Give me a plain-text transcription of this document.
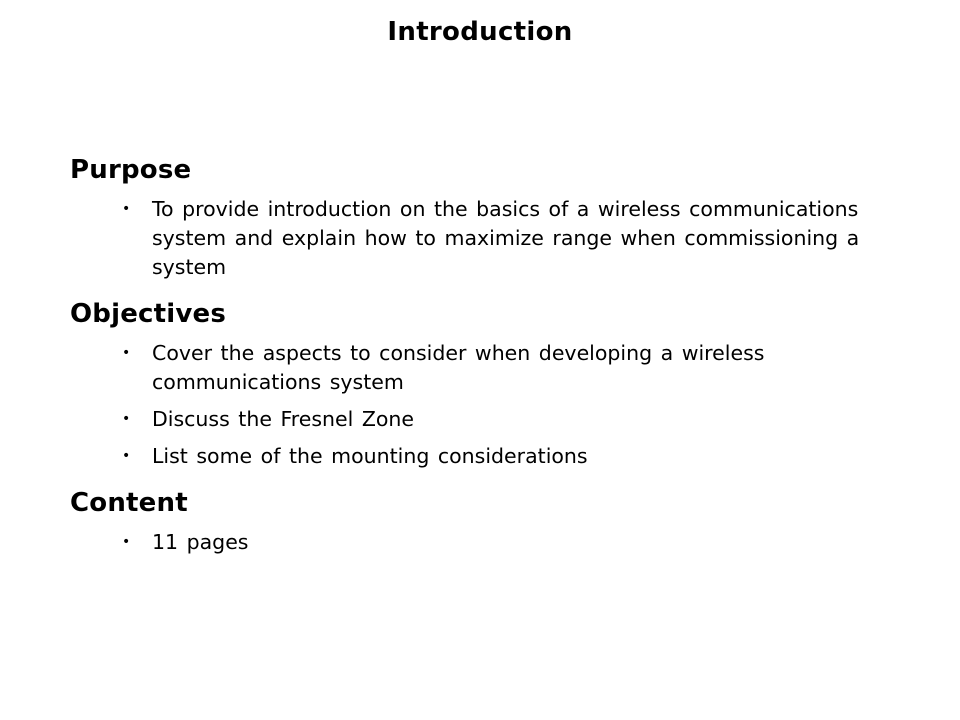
Introduction
Purpose
•	To provide introduction on the basics of a wireless communications system and explain how to maximize range when commissioning a system
Objectives
•	Cover the aspects to consider when developing a wireless communications system
•	Discuss the Fresnel Zone
•	List some of the mounting considerations
Content
•	11 pages
